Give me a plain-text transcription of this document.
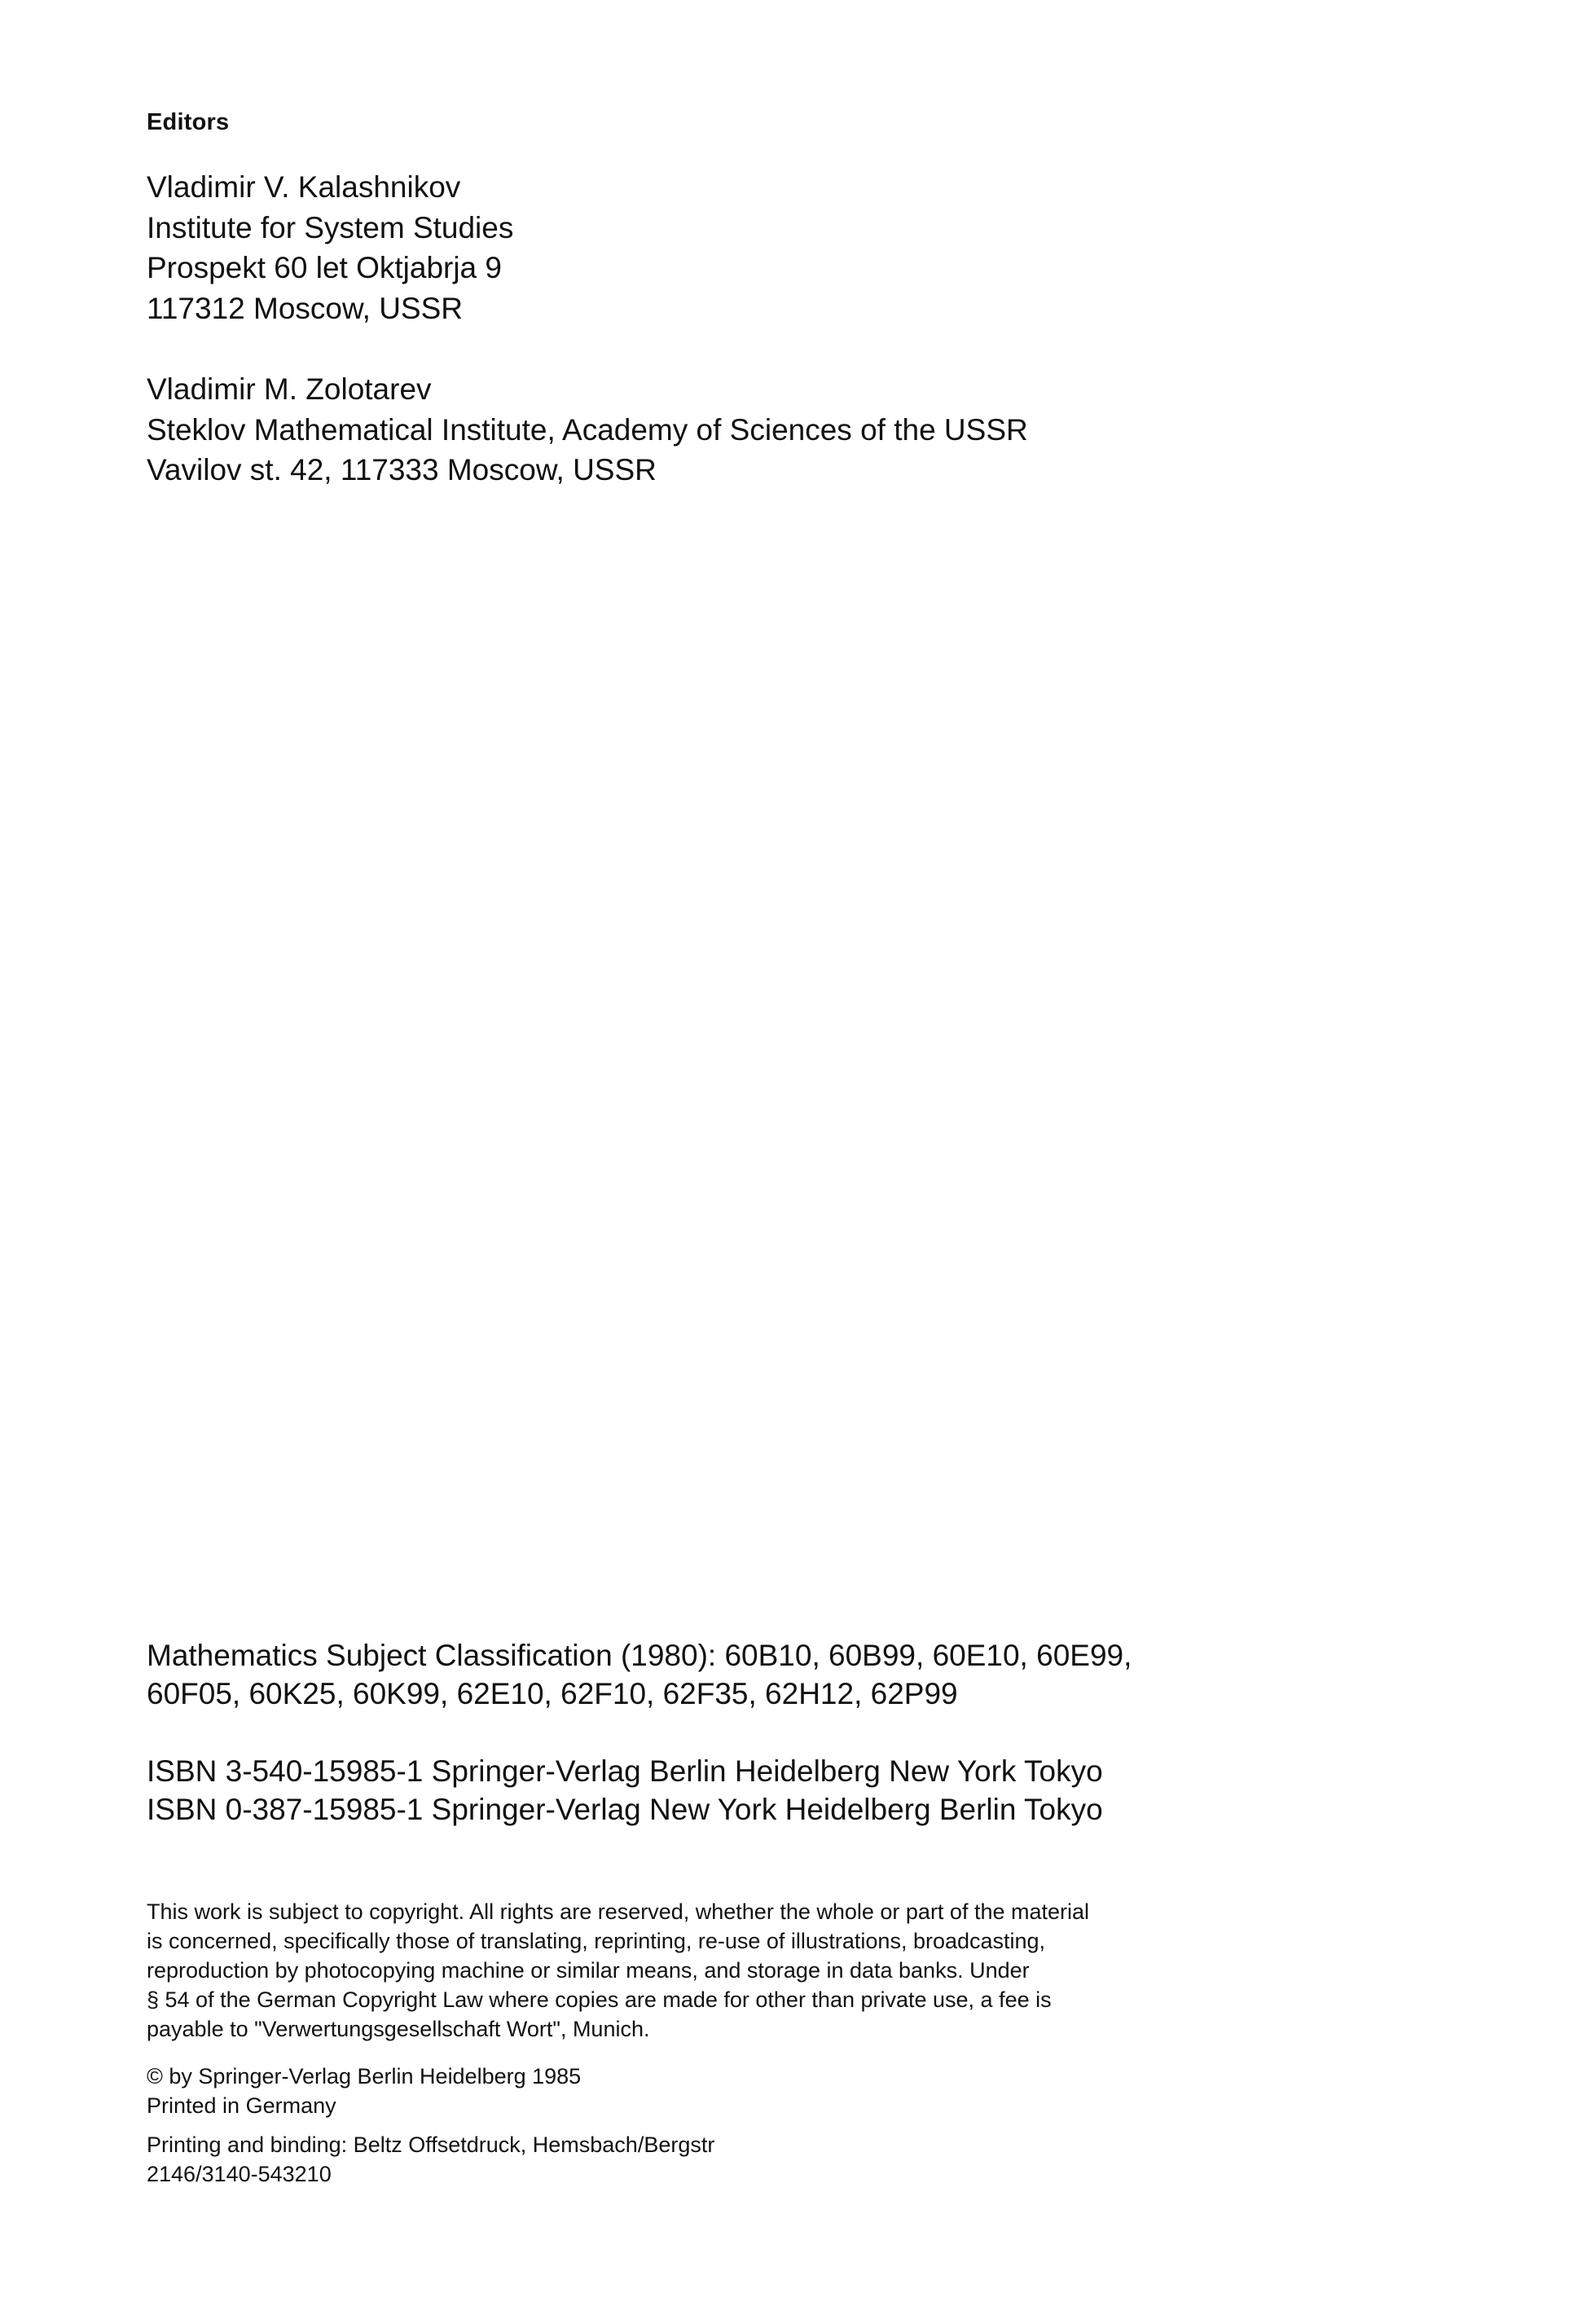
Editors
Vladimir V. Kalashnikov
Institute for System Studies
Prospekt 60 let Oktjabrja 9
117312 Moscow, USSR
Vladimir M. Zolotarev
Steklov Mathematical Institute, Academy of Sciences of the USSR
Vavilov st. 42, 117333 Moscow, USSR
Mathematics Subject Classification (1980): 60B10, 60B99, 60E10, 60E99,
60F05, 60K25, 60K99, 62E10, 62F10, 62F35, 62H12, 62P99
ISBN 3-540-15985-1 Springer-Verlag Berlin Heidelberg New York Tokyo
ISBN 0-387-15985-1 Springer-Verlag New York Heidelberg Berlin Tokyo
This work is subject to copyright. All rights are reserved, whether the whole or part of the material
is concerned, specifically those of translating, reprinting, re-use of illustrations, broadcasting,
reproduction by photocopying machine or similar means, and storage in data banks. Under
§ 54 of the German Copyright Law where copies are made for other than private use, a fee is
payable to "Verwertungsgesellschaft Wort", Munich.
© by Springer-Verlag Berlin Heidelberg 1985
Printed in Germany
Printing and binding: Beltz Offsetdruck, Hemsbach/Bergstr
2146/3140-543210
